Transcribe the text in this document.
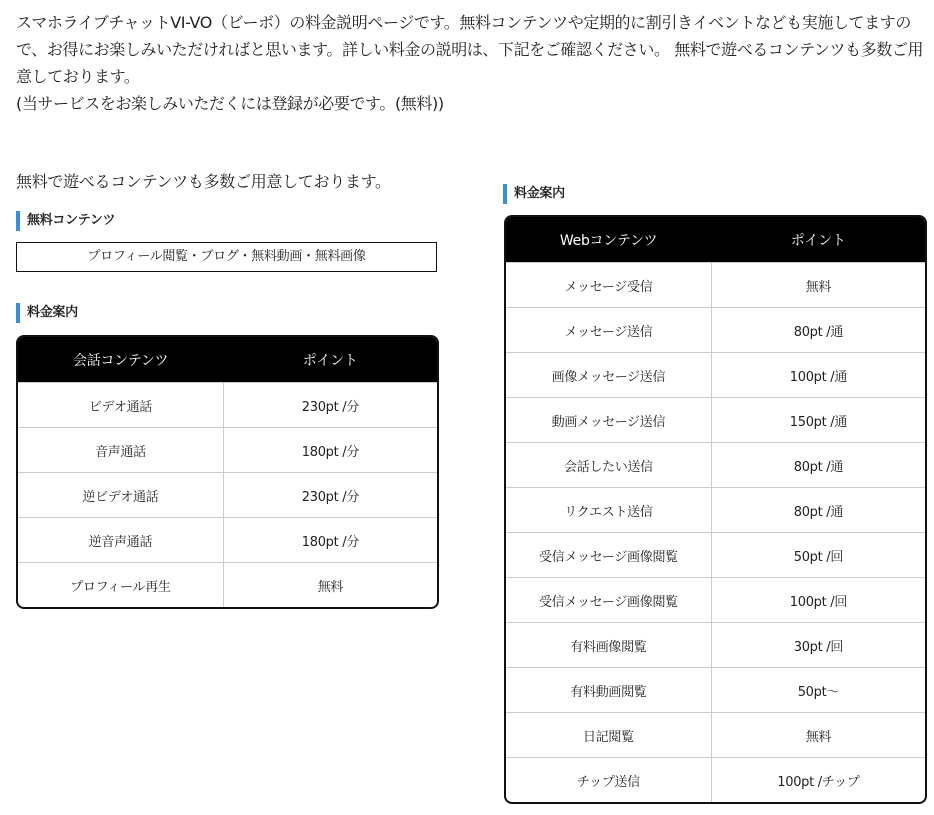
スマホライブチャットVI-VO（ビーボ）の料金説明ページです。無料コンテンツや定期的に割引きイベントなども実施してますので、お得にお楽しみいただければと思います。詳しい料金の説明は、下記をご確認ください。 無料で遊べるコンテンツも多数ご用意しております。

(当サービスをお楽しみいただくには登録が必要です。(無料))

無料で遊べるコンテンツも多数ご用意しております。

無料コンテンツ
プロフィール閲覧・ブログ・無料動画・無料画像
料金案内
会話コンテンツ	ポイント
ビデオ通話	230pt /分
音声通話	180pt /分
逆ビデオ通話	230pt /分
逆音声通話	180pt /分
プロフィール再生	無料
料金案内
Webコンテンツ	ポイント
メッセージ受信	無料
メッセージ送信	80pt /通
画像メッセージ送信	100pt /通
動画メッセージ送信	150pt /通
会話したい送信	80pt /通
リクエスト送信	80pt /通
受信メッセージ画像閲覧	50pt /回
受信メッセージ画像閲覧	100pt /回
有料画像閲覧	30pt /回
有料動画閲覧	50pt〜
日記閲覧	無料
チップ送信	100pt /チップ
